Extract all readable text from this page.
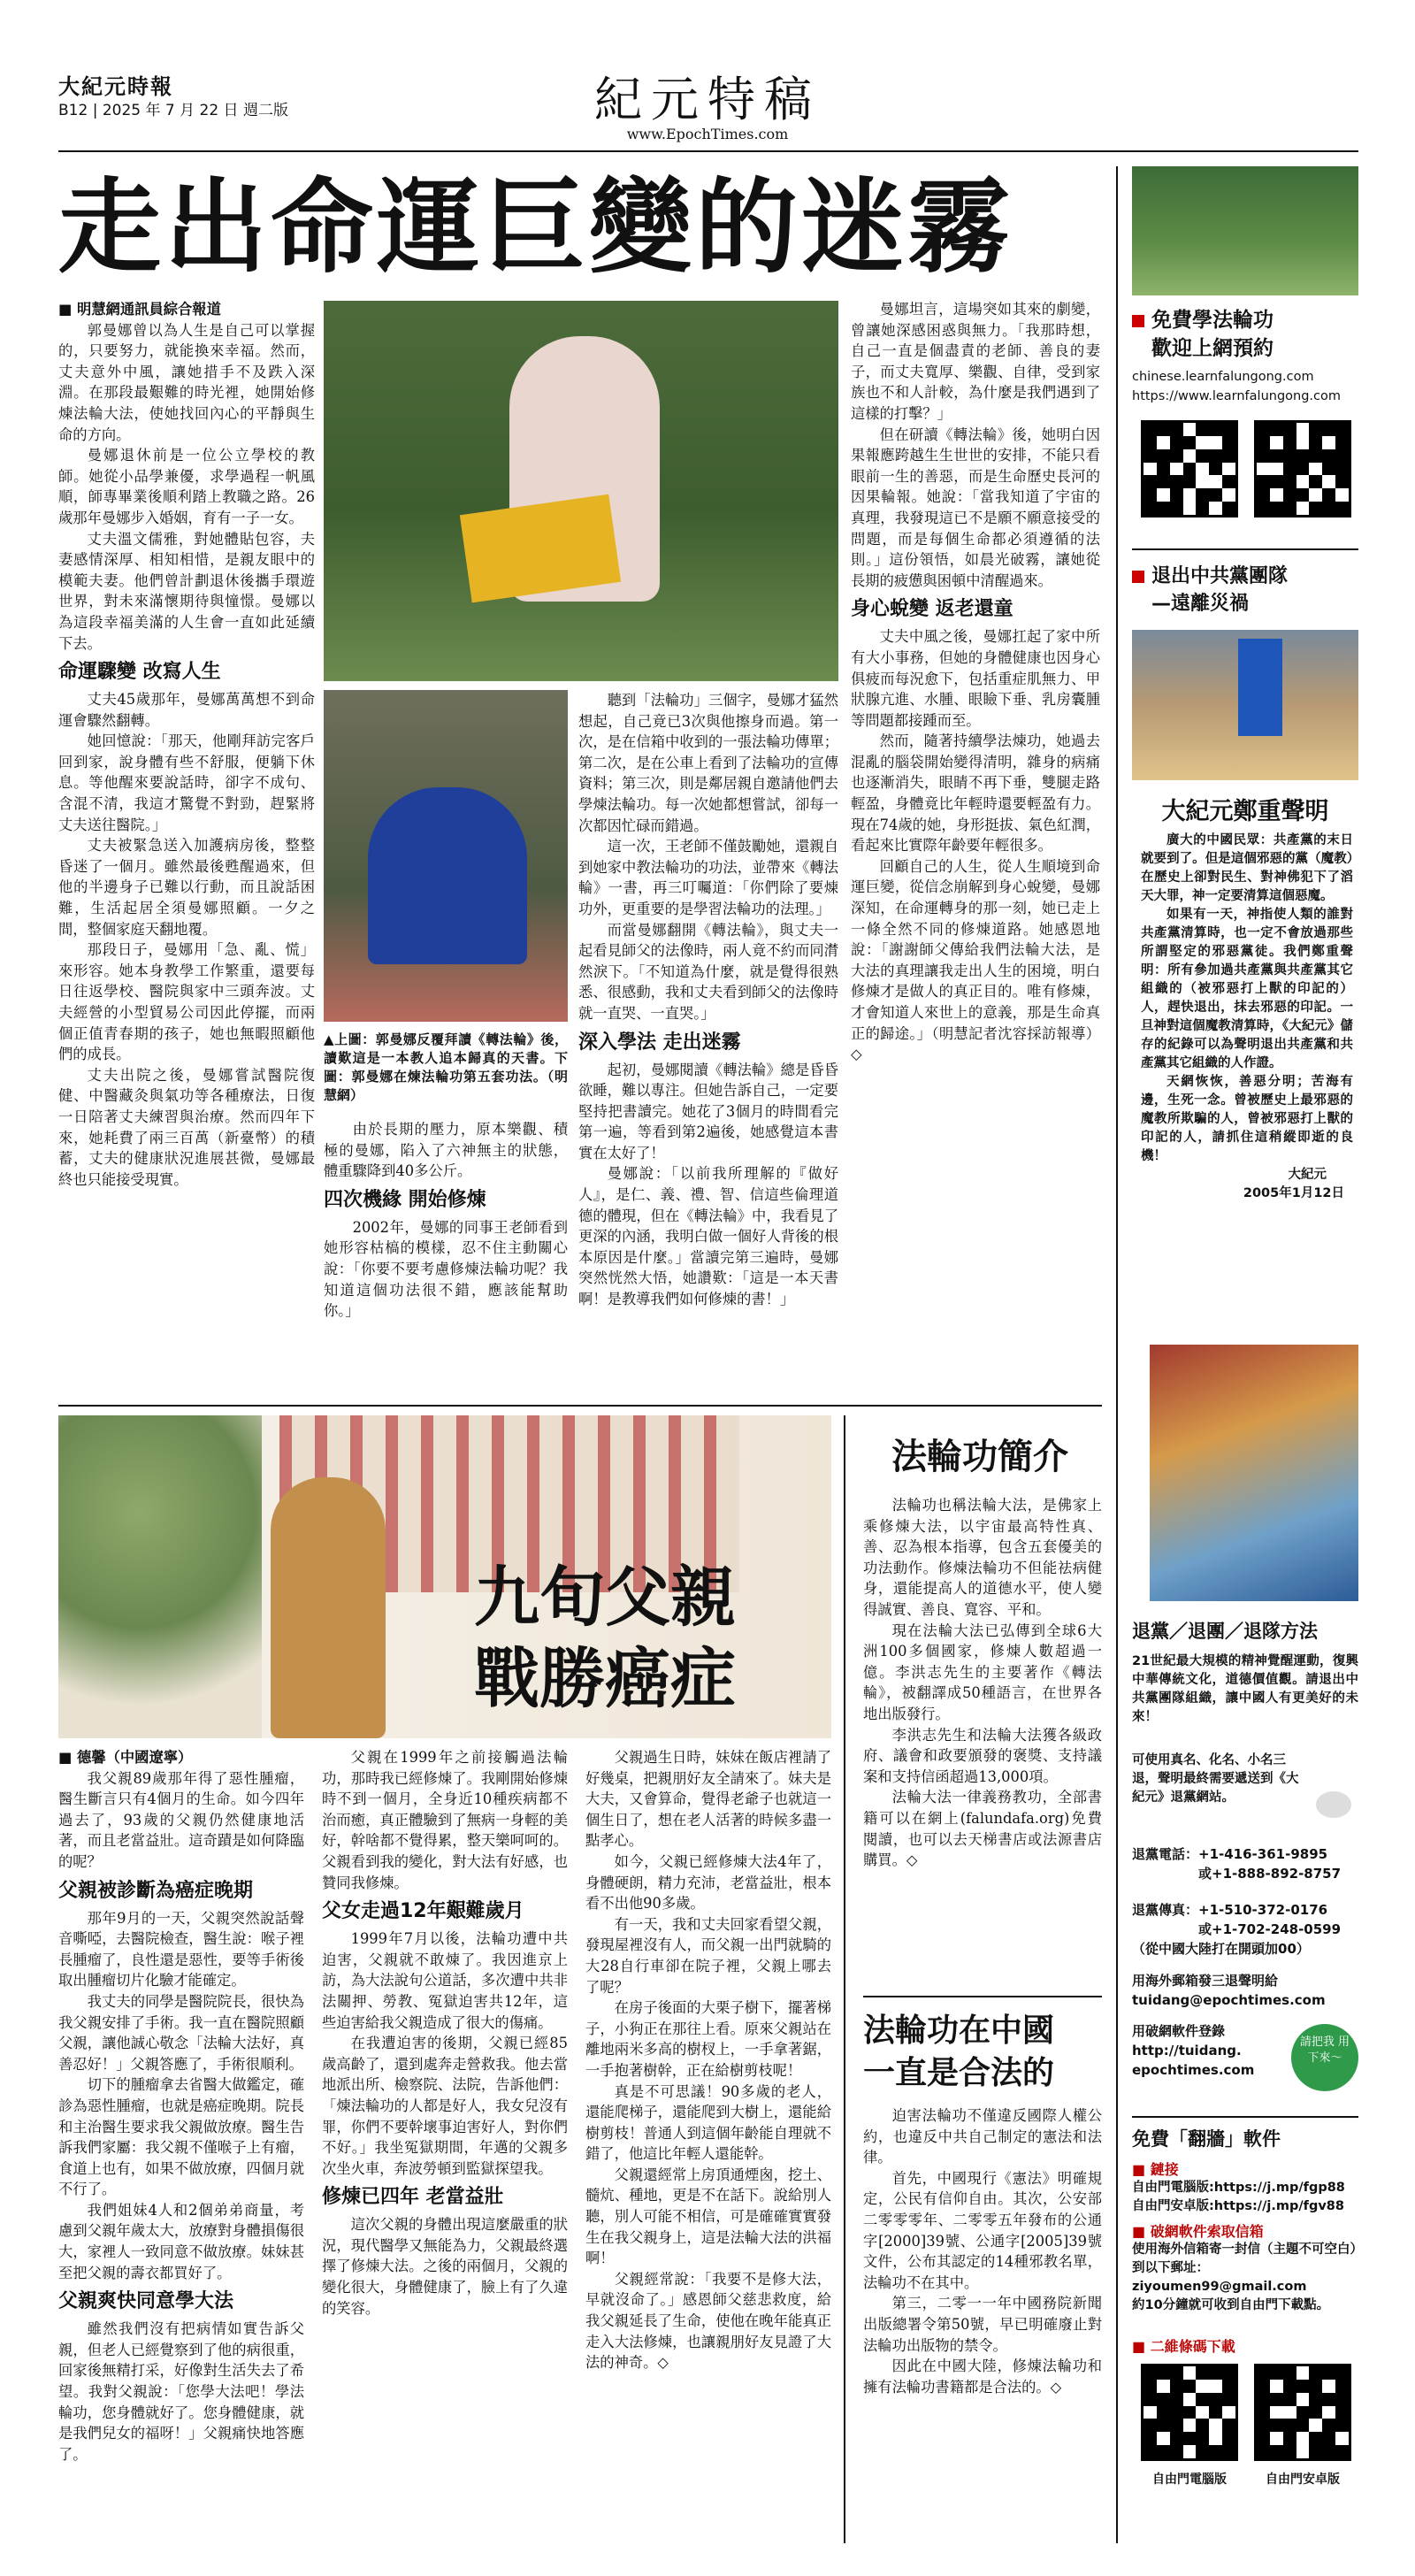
大紀元時報
B12 | 2025 年 7 月 22 日 週二版	紀元特稿
www.EpochTimes.com
走出命運巨變的迷霧

■ 明慧網通訊員綜合報道

郭曼娜曾以為人生是自己可以掌握的，只要努力，就能換來幸福。然而，丈夫意外中風，讓她措手不及跌入深淵。在那段最艱難的時光裡，她開始修煉法輪大法，使她找回內心的平靜與生命的方向。

曼娜退休前是一位公立學校的教師。她從小品學兼優，求學過程一帆風順，師專畢業後順利踏上教職之路。26歲那年曼娜步入婚姻，育有一子一女。

丈夫溫文儒雅，對她體貼包容，夫妻感情深厚、相知相惜，是親友眼中的模範夫妻。他們曾計劃退休後攜手環遊世界，對未來滿懷期待與憧憬。曼娜以為這段幸福美滿的人生會一直如此延續下去。

命運驟變 改寫人生

丈夫45歲那年，曼娜萬萬想不到命運會驟然翻轉。

她回憶說：「那天，他剛拜訪完客戶回到家，說身體有些不舒服，便躺下休息。等他醒來要說話時，卻字不成句、含混不清，我這才驚覺不對勁，趕緊將丈夫送往醫院。」

丈夫被緊急送入加護病房後，整整昏迷了一個月。雖然最後甦醒過來，但他的半邊身子已難以行動，而且說話困難，生活起居全須曼娜照顧。一夕之間，整個家庭天翻地覆。

那段日子，曼娜用「急、亂、慌」來形容。她本身教學工作繁重，還要每日往返學校、醫院與家中三頭奔波。丈夫經營的小型貿易公司因此停擺，而兩個正值青春期的孩子，她也無暇照顧他們的成長。

丈夫出院之後，曼娜嘗試醫院復健、中醫藏灸與氣功等各種療法，日復一日陪著丈夫練習與治療。然而四年下來，她耗費了兩三百萬（新臺幣）的積蓄，丈夫的健康狀況進展甚微，曼娜最終也只能接受現實。

▲上圖：郭曼娜反覆拜讀《轉法輪》後，讀歎這是一本教人追本歸真的天書。下圖：郭曼娜在煉法輪功第五套功法。（明慧網）

由於長期的壓力，原本樂觀、積極的曼娜，陷入了六神無主的狀態，體重驟降到40多公斤。

四次機緣 開始修煉

2002年，曼娜的同事王老師看到她形容枯槁的模樣，忍不住主動關心說：「你要不要考慮修煉法輪功呢？我知道這個功法很不錯，應該能幫助你。」

聽到「法輪功」三個字，曼娜才猛然想起，自己竟已3次與他擦身而過。第一次，是在信箱中收到的一張法輪功傳單；第二次，是在公車上看到了法輪功的宣傳資料；第三次，則是鄰居親自邀請他們去學煉法輪功。每一次她都想嘗試，卻每一次都因忙碌而錯過。

這一次，王老師不僅鼓勵她，還親自到她家中教法輪功的功法，並帶來《轉法輪》一書，再三叮囑道：「你們除了要煉功外，更重要的是學習法輪功的法理。」

而當曼娜翻開《轉法輪》，與丈夫一起看見師父的法像時，兩人竟不約而同潸然淚下。「不知道為什麼，就是覺得很熟悉、很感動，我和丈夫看到師父的法像時就一直哭、一直哭。」

深入學法 走出迷霧

起初，曼娜閱讀《轉法輪》總是昏昏欲睡，難以專注。但她告訴自己，一定要堅持把書讀完。她花了3個月的時間看完第一遍，等看到第2遍後，她感覺這本書實在太好了！

曼娜說：「以前我所理解的『做好人』，是仁、義、禮、智、信這些倫理道德的體現，但在《轉法輪》中，我看見了更深的內涵，我明白做一個好人背後的根本原因是什麼。」當讀完第三遍時，曼娜突然恍然大悟，她讚歎：「這是一本天書啊！是教導我們如何修煉的書！」

曼娜坦言，這場突如其來的劇變，曾讓她深感困惑與無力。「我那時想，自己一直是個盡責的老師、善良的妻子，而丈夫寬厚、樂觀、自律，受到家族也不和人計較，為什麼是我們遇到了這樣的打擊？」

但在研讀《轉法輪》後，她明白因果報應跨越生生世世的安排，不能只看眼前一生的善惡，而是生命歷史長河的因果輪報。她說：「當我知道了宇宙的真理，我發現這已不是願不願意接受的問題，而是每個生命都必須遵循的法則。」這份領悟，如晨光破霧，讓她從長期的疲憊與困頓中清醒過來。

身心蛻變 返老還童

丈夫中風之後，曼娜扛起了家中所有大小事務，但她的身體健康也因身心俱疲而每況愈下，包括重症肌無力、甲狀腺亢進、水腫、眼瞼下垂、乳房囊腫等問題都接踵而至。

然而，隨著持續學法煉功，她過去混亂的腦袋開始變得清明，雜身的病痛也逐漸消失，眼睛不再下垂，雙腿走路輕盈，身體竟比年輕時還要輕盈有力。現在74歲的她，身形挺拔、氣色紅潤，看起來比實際年齡要年輕很多。

回顧自己的人生，從人生順境到命運巨變，從信念崩解到身心蛻變，曼娜深知，在命運轉身的那一刻，她已走上一條全然不同的修煉道路。她感恩地說：「謝謝師父傳給我們法輪大法，是大法的真理讓我走出人生的困境，明白修煉才是做人的真正目的。唯有修煉，才會知道人來世上的意義，那是生命真正的歸途。」（明慧記者沈容採訪報導）◇

九旬父親
戰勝癌症

■ 德馨（中國遼寧）

我父親89歲那年得了惡性腫瘤，醫生斷言只有4個月的生命。如今四年過去了，93歲的父親仍然健康地活著，而且老當益壯。這奇蹟是如何降臨的呢？

父親被診斷為癌症晚期

那年9月的一天，父親突然說話聲音嘶啞，去醫院檢查，醫生說：喉子裡長腫瘤了，良性還是惡性，要等手術後取出腫瘤切片化驗才能確定。

我丈夫的同學是醫院院長，很快為我父親安排了手術。我一直在醫院照顧父親，讓他誠心敬念「法輪大法好，真善忍好！」父親答應了，手術很順利。

切下的腫瘤拿去省醫大做鑑定，確診為惡性腫瘤，也就是癌症晚期。院長和主治醫生要求我父親做放療。醫生告訴我們家屬：我父親不僅喉子上有瘤，食道上也有，如果不做放療，四個月就不行了。

我們姐妹4人和2個弟弟商量，考慮到父親年歲太大，放療對身體損傷很大，家裡人一致同意不做放療。妹妹甚至把父親的壽衣都買好了。

父親爽快同意學大法

雖然我們沒有把病情如實告訴父親，但老人已經覺察到了他的病很重，回家後無精打采，好像對生活失去了希望。我對父親說：「您學大法吧！學法輪功，您身體就好了。您身體健康，就是我們兒女的福呀！」父親痛快地答應了。

父親在1999年之前接觸過法輪功，那時我已經修煉了。我剛開始修煉時不到一個月，全身近10種疾病都不治而癒，真正體驗到了無病一身輕的美好，幹啥都不覺得累，整天樂呵呵的。父親看到我的變化，對大法有好感，也贊同我修煉。

父女走過12年艱難歲月

1999年7月以後，法輪功遭中共迫害，父親就不敢煉了。我因進京上訪，為大法說句公道話，多次遭中共非法關押、勞教、冤獄迫害共12年，這些迫害給我父親造成了很大的傷痛。

在我遭迫害的後期，父親已經85歲高齡了，還到處奔走營救我。他去當地派出所、檢察院、法院，告訴他們：「煉法輪功的人都是好人，我女兒沒有罪，你們不要幹壞事迫害好人，對你們不好。」我坐冤獄期間，年邁的父親多次坐火車，奔波勞頓到監獄探望我。

修煉已四年 老當益壯

這次父親的身體出現這麼嚴重的狀況，現代醫學又無能為力，父親最終選擇了修煉大法。之後的兩個月，父親的變化很大，身體健康了，臉上有了久違的笑容。

父親過生日時，妹妹在飯店裡請了好幾桌，把親朋好友全請來了。妹夫是大夫，又會算命，覺得老爺子也就這一個生日了，想在老人活著的時候多盡一點孝心。

如今，父親已經修煉大法4年了，身體硬朗，精力充沛，老當益壯，根本看不出他90多歲。

有一天，我和丈夫回家看望父親，發現屋裡沒有人，而父親一出門就騎的大28自行車卻在院子裡，父親上哪去了呢？

在房子後面的大栗子樹下，擺著梯子，小狗正在那往上看。原來父親站在離地兩米多高的樹杈上，一手拿著鋸，一手抱著樹幹，正在給樹剪枝呢！

真是不可思議！90多歲的老人，還能爬梯子，還能爬到大樹上，還能給樹剪枝！普通人到這個年齡能自理就不錯了，他這比年輕人還能幹。

父親還經常上房頂通煙囪，挖土、髓炕、種地，更是不在話下。說給別人聽，別人可能不相信，可是確確實實發生在我父親身上，這是法輪大法的洪福啊！

父親經常說：「我要不是修大法，早就沒命了。」感恩師父慈悲救度，給我父親延長了生命，使他在晚年能真正走入大法修煉，也讓親朋好友見證了大法的神奇。◇

法輪功簡介

法輪功也稱法輪大法，是佛家上乘修煉大法，以宇宙最高特性真、善、忍為根本指導，包含五套優美的功法動作。修煉法輪功不但能祛病健身，還能提高人的道德水平，使人變得誠實、善良、寬容、平和。

現在法輪大法已弘傳到全球6大洲100多個國家，修煉人數超過一億。李洪志先生的主要著作《轉法輪》，被翻譯成50種語言，在世界各地出版發行。

李洪志先生和法輪大法獲各級政府、議會和政要頒發的褒獎、支持議案和支持信函超過13,000項。

法輪大法一律義務教功，全部書籍可以在網上(falundafa.org)免費閱讀，也可以去天梯書店或法源書店購買。◇

法輪功在中國
一直是合法的

迫害法輪功不僅違反國際人權公約，也違反中共自己制定的憲法和法律。

首先，中國現行《憲法》明確規定，公民有信仰自由。其次，公安部二零零零年、二零零五年發布的公通字[2000]39號、公通字[2005]39號文件，公布其認定的14種邪教名單，法輪功不在其中。

第三，二零一一年中國務院新聞出版總署令第50號，早已明確廢止對法輪功出版物的禁令。

因此在中國大陸，修煉法輪功和擁有法輪功書籍都是合法的。◇

免費學法輪功
歡迎上網預約
chinese.learnfalungong.com
https://www.learnfalungong.com
退出中共黨團隊
—遠離災禍
大紀元鄭重聲明

廣大的中國民眾：共產黨的末日就要到了。但是這個邪惡的黨（魔教）在歷史上卻對民生、對神佛犯下了滔天大罪，神一定要清算這個惡魔。

如果有一天，神指使人類的誰對共產黨清算時，也一定不會放過那些所謂堅定的邪惡黨徒。我們鄭重聲明：所有參加過共產黨與共產黨其它組織的（被邪惡打上獸的印記的）人，趕快退出，抹去邪惡的印記。一旦神對這個魔教清算時，《大紀元》儲存的紀錄可以為聲明退出共產黨和共產黨其它組織的人作證。

天網恢恢，善惡分明；苦海有邊，生死一念。曾被歷史上最邪惡的魔教所欺騙的人，曾被邪惡打上獸的印記的人，請抓住這稍縱即逝的良機！

大紀元
2005年1月12日
退黨／退團／退隊方法
21世紀最大規模的精神覺醒運動，復興中華傳統文化，道德價值觀。請退出中共黨團隊組織，讓中國人有更美好的未來！
可使用真名、化名、小名三退，聲明最終需要遞送到《大紀元》退黨網站。
退黨電話：+1-416-361-9895
或+1-888-892-8757
退黨傳真：+1-510-372-0176
或+1-702-248-0599
（從中國大陸打在開頭加00）
用海外郵箱發三退聲明給
tuidang@epochtimes.com
用破網軟件登錄
http://tuidang.
epochtimes.com
請把我 用下來～
免費「翻牆」軟件
■ 鏈接
自由門電腦版:https://j.mp/fgp88
自由門安卓版:https://j.mp/fgv88
■ 破網軟件索取信箱
使用海外信箱寄一封信（主題不可空白）到以下郵址：
ziyoumen99@gmail.com
約10分鐘就可收到自由門下載點。
■ 二維條碼下載
自由門電腦版	自由門安卓版
